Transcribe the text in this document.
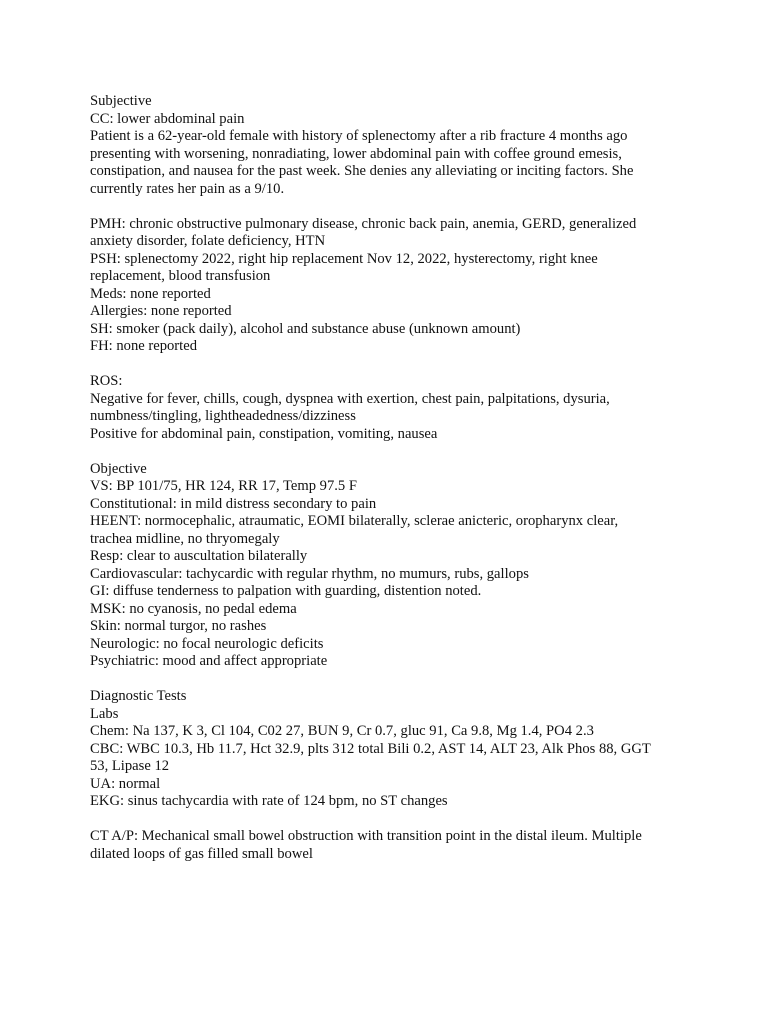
Subjective
CC: lower abdominal pain
Patient is a 62-year-old female with history of splenectomy after a rib fracture 4 months ago
presenting with worsening, nonradiating, lower abdominal pain with coffee ground emesis,
constipation, and nausea for the past week. She denies any alleviating or inciting factors. She
currently rates her pain as a 9/10.
PMH: chronic obstructive pulmonary disease, chronic back pain, anemia, GERD, generalized
anxiety disorder, folate deficiency, HTN
PSH: splenectomy 2022, right hip replacement Nov 12, 2022, hysterectomy, right knee
replacement, blood transfusion
Meds: none reported
Allergies: none reported
SH: smoker (pack daily), alcohol and substance abuse (unknown amount)
FH: none reported
ROS:
Negative for fever, chills, cough, dyspnea with exertion, chest pain, palpitations, dysuria,
numbness/tingling, lightheadedness/dizziness
Positive for abdominal pain, constipation, vomiting, nausea
Objective
VS: BP 101/75, HR 124, RR 17, Temp 97.5 F
Constitutional: in mild distress secondary to pain
HEENT: normocephalic, atraumatic, EOMI bilaterally, sclerae anicteric, oropharynx clear,
trachea midline, no thryomegaly
Resp: clear to auscultation bilaterally
Cardiovascular: tachycardic with regular rhythm, no mumurs, rubs, gallops
GI: diffuse tenderness to palpation with guarding, distention noted.
MSK: no cyanosis, no pedal edema
Skin: normal turgor, no rashes
Neurologic: no focal neurologic deficits
Psychiatric: mood and affect appropriate
Diagnostic Tests
Labs
Chem: Na 137, K 3, Cl 104, C02 27, BUN 9, Cr 0.7, gluc 91, Ca 9.8, Mg 1.4, PO4 2.3
CBC: WBC 10.3, Hb 11.7, Hct 32.9, plts 312 total Bili 0.2, AST 14, ALT 23, Alk Phos 88, GGT
53, Lipase 12
UA: normal
EKG: sinus tachycardia with rate of 124 bpm, no ST changes
CT A/P: Mechanical small bowel obstruction with transition point in the distal ileum. Multiple
dilated loops of gas filled small bowel
